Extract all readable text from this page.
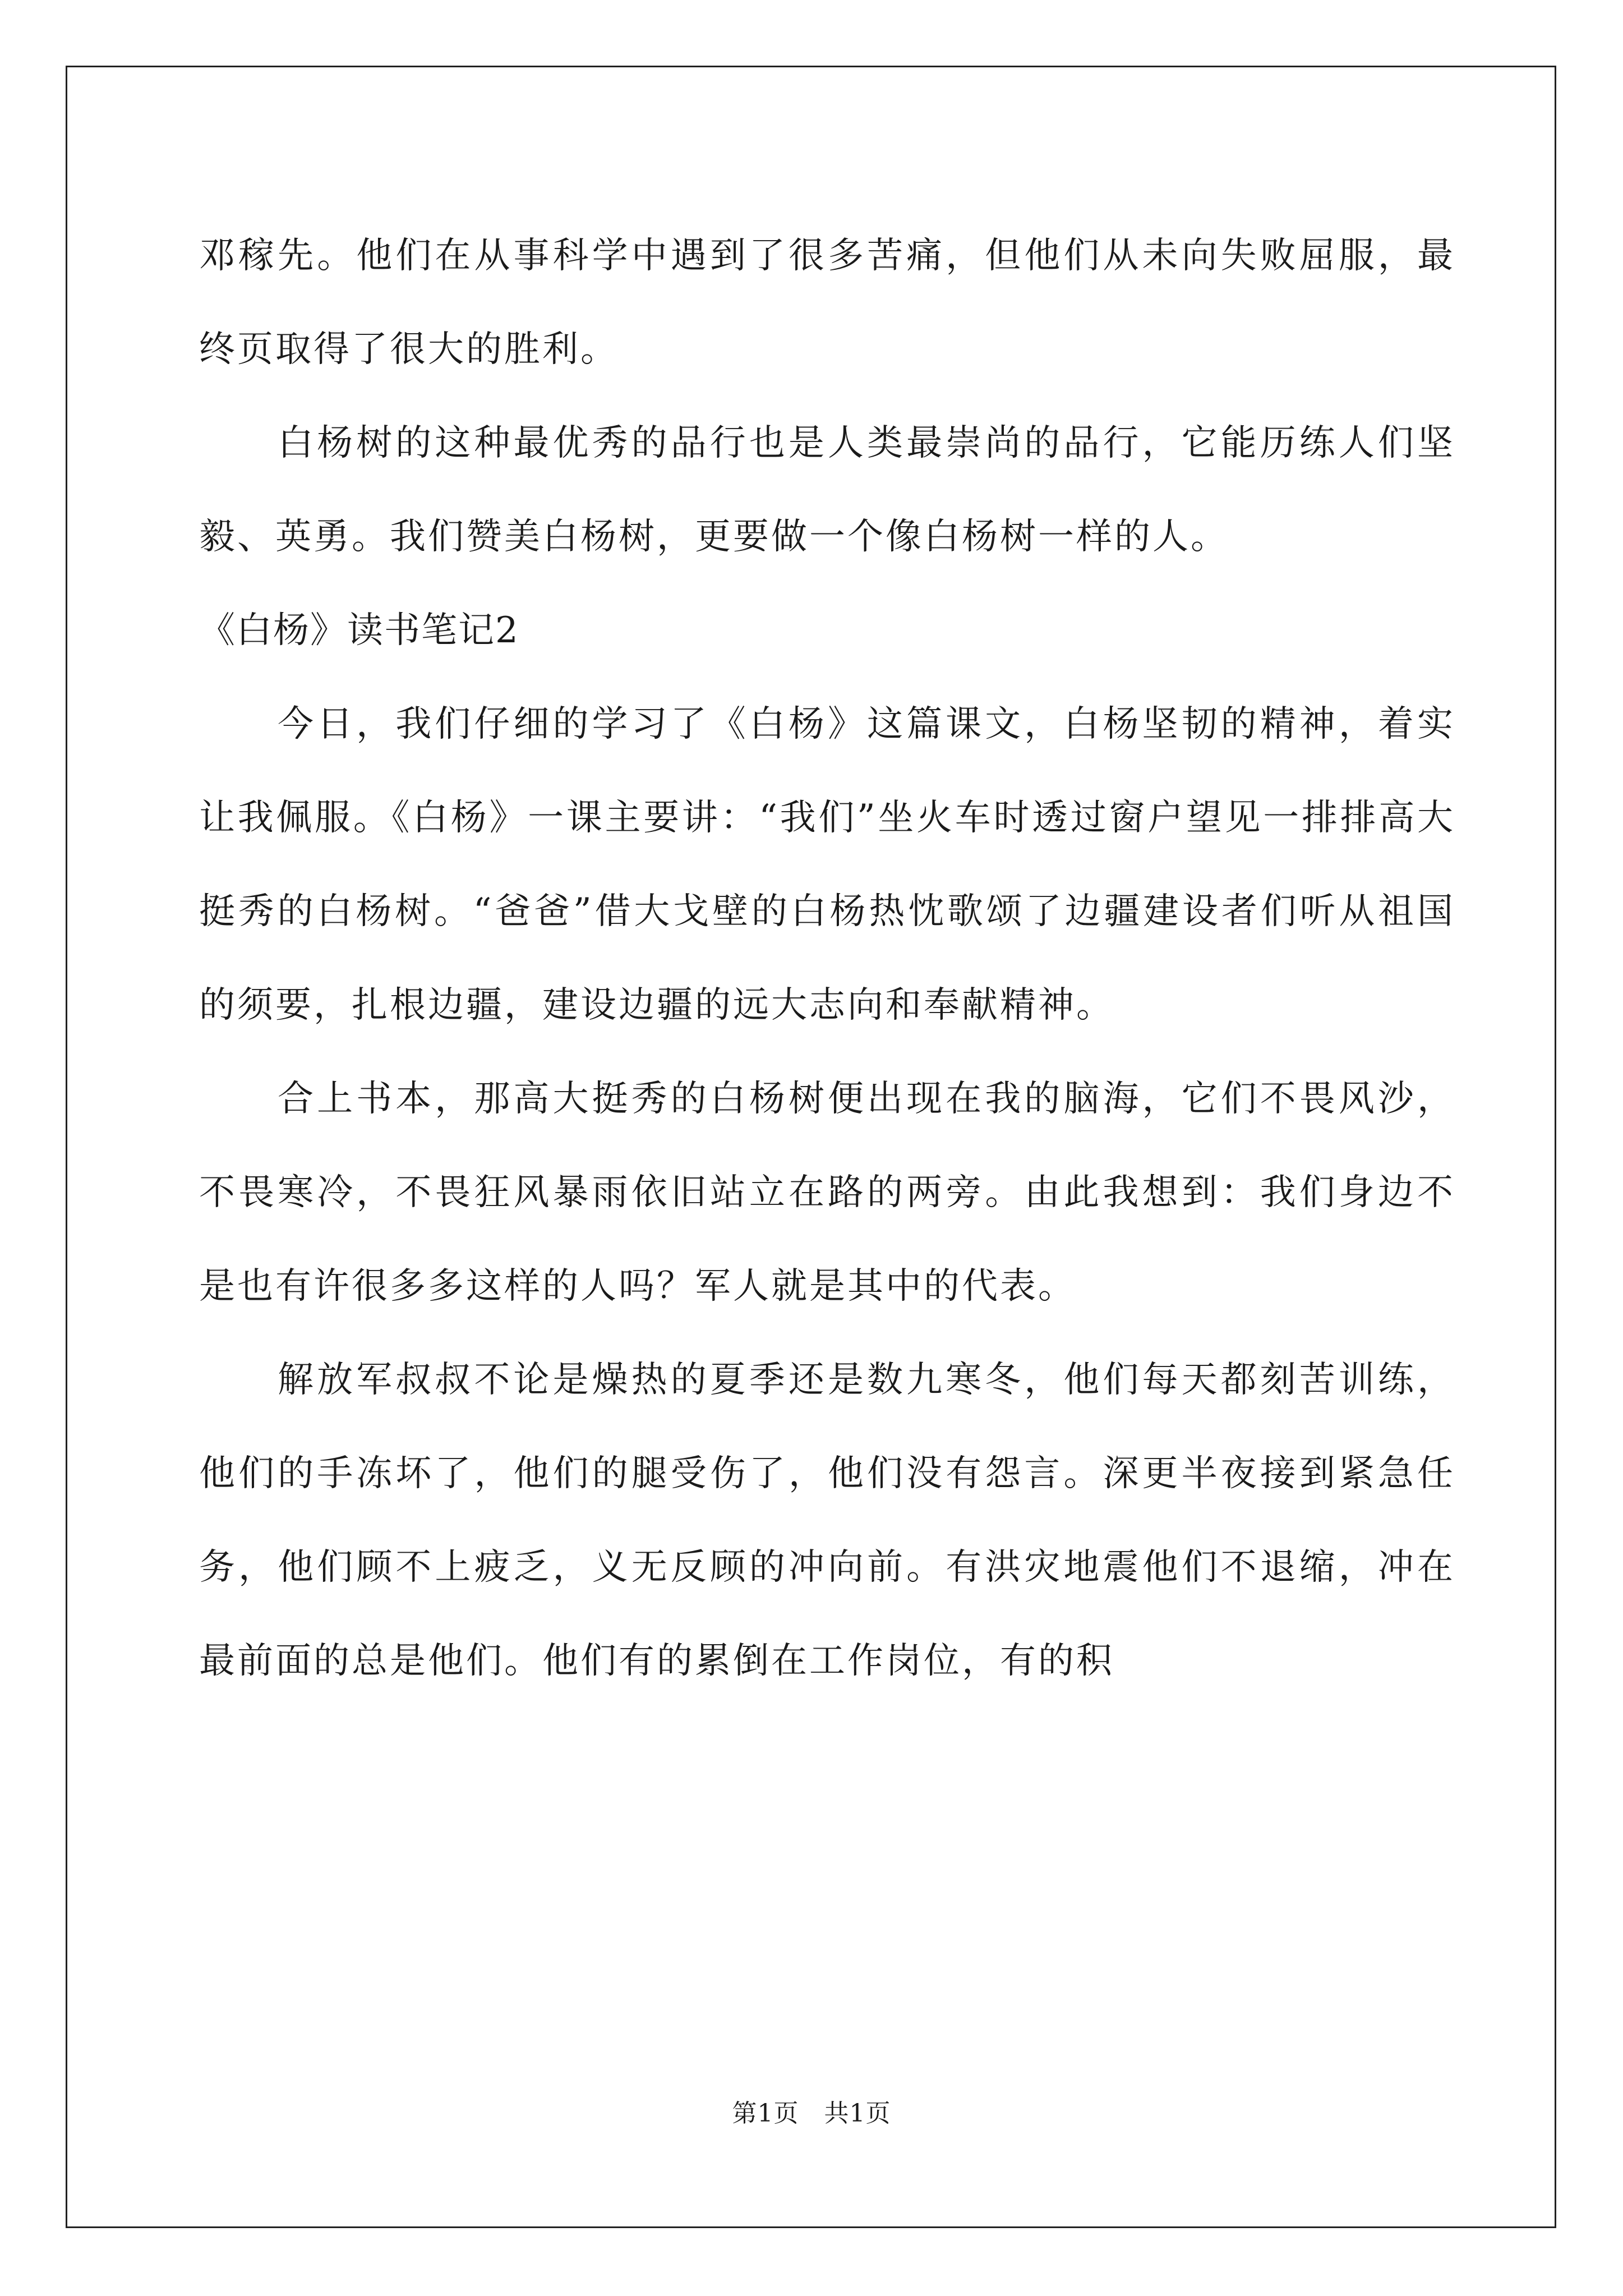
邓稼先。他们在从事科学中遇到了很多苦痛，但他们从未向失败屈服，最终页取得了很大的胜利。

白杨树的这种最优秀的品行也是人类最崇尚的品行，它能历练人们坚毅、英勇。我们赞美白杨树，更要做一个像白杨树一样的人。

《白杨》读书笔记2

今日，我们仔细的学习了《白杨》这篇课文，白杨坚韧的精神，着实让我佩服。《白杨》一课主要讲：“我们”坐火车时透过窗户望见一排排高大挺秀的白杨树。“爸爸”借大戈壁的白杨热忱歌颂了边疆建设者们听从祖国的须要，扎根边疆，建设边疆的远大志向和奉献精神。

合上书本，那高大挺秀的白杨树便出现在我的脑海，它们不畏风沙，不畏寒冷，不畏狂风暴雨依旧站立在路的两旁。由此我想到：我们身边不是也有许很多多这样的人吗？军人就是其中的代表。

解放军叔叔不论是燥热的夏季还是数九寒冬，他们每天都刻苦训练，他们的手冻坏了，他们的腿受伤了，他们没有怨言。深更半夜接到紧急任务，他们顾不上疲乏，义无反顾的冲向前。有洪灾地震他们不退缩，冲在最前面的总是他们。他们有的累倒在工作岗位，有的积

第1页 共1页
